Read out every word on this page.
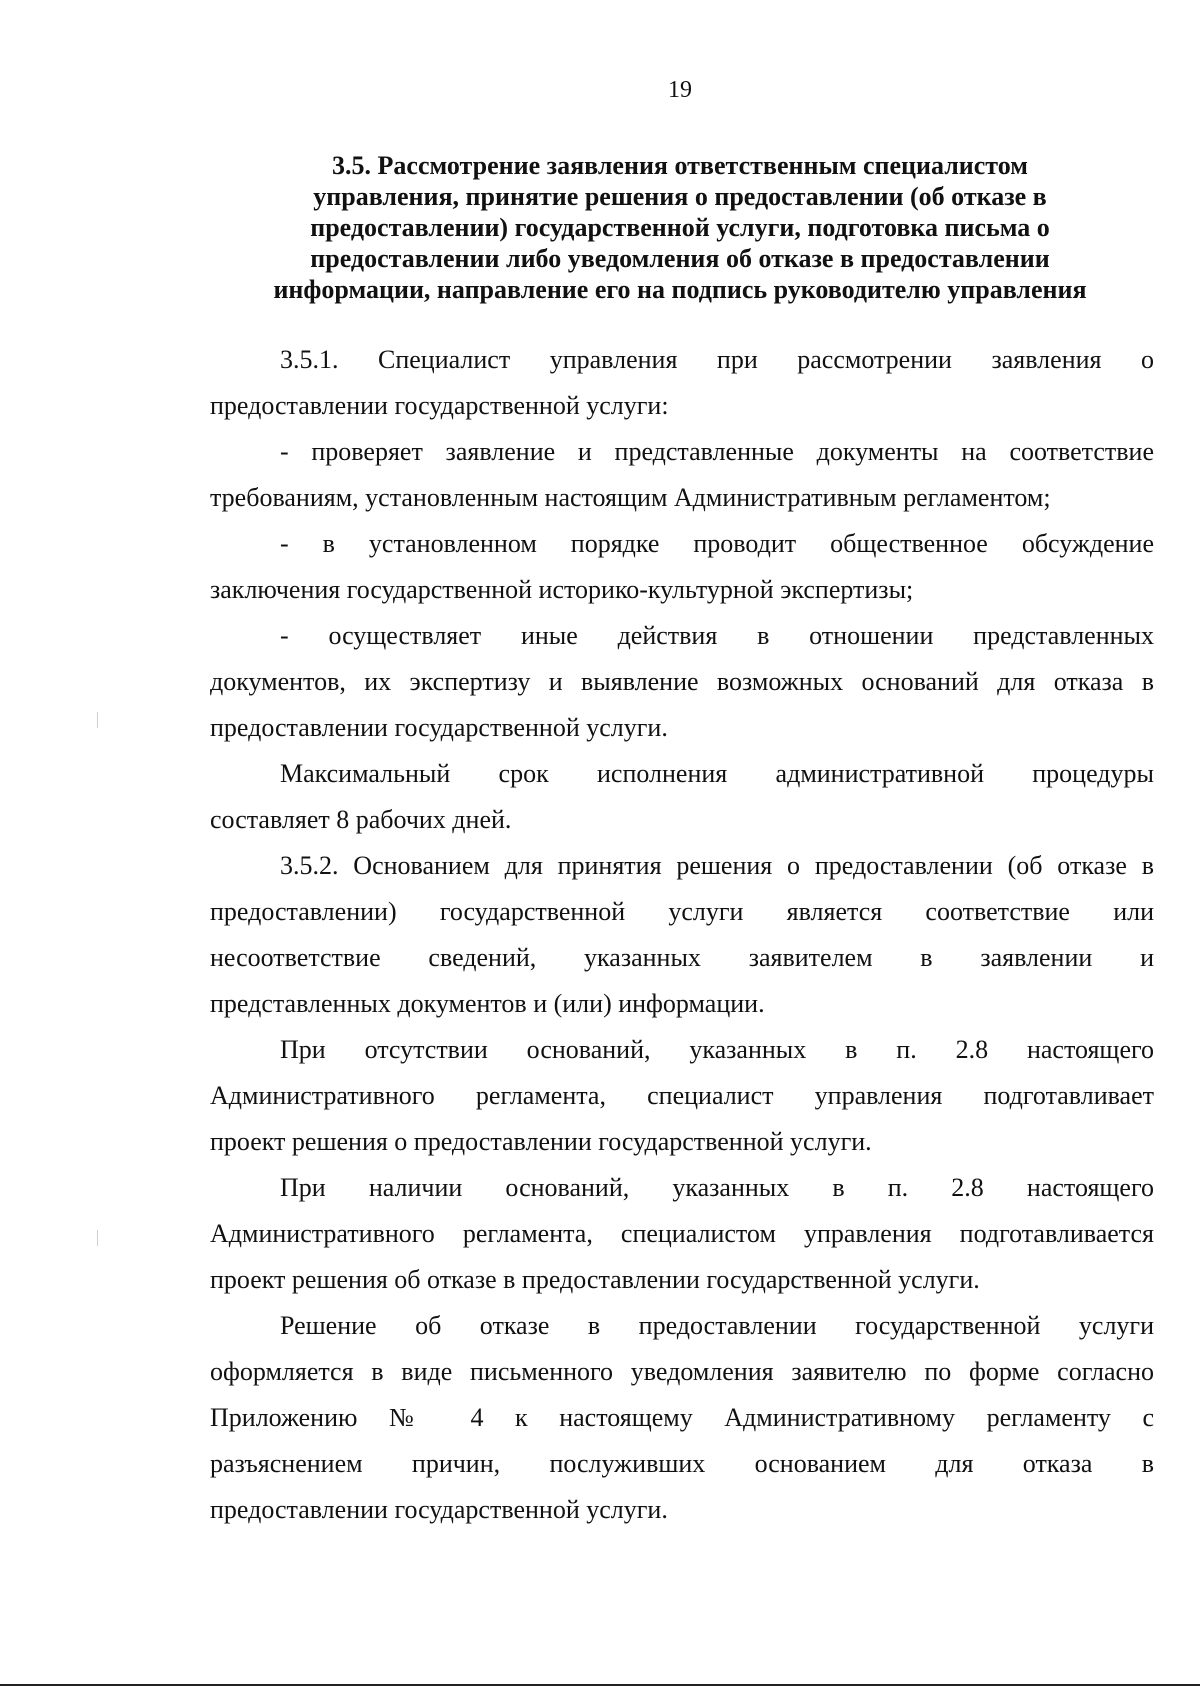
19
3.5. Рассмотрение заявления ответственным специалистом
управления, принятие решения о предоставлении (об отказе в
предоставлении) государственной услуги, подготовка письма о
предоставлении либо уведомления об отказе в предоставлении
информации, направление его на подпись руководителю управления

3.5.1. Специалист управления при рассмотрении заявления о
предоставлении государственной услуги:

- проверяет заявление и представленные документы на соответствие
требованиям, установленным настоящим Административным регламентом;

- в установленном порядке проводит общественное обсуждение
заключения государственной историко-культурной экспертизы;

- осуществляет иные действия в отношении представленных
документов, их экспертизу и выявление возможных оснований для отказа в
предоставлении государственной услуги.

Максимальный срок исполнения административной процедуры
составляет 8 рабочих дней.

3.5.2. Основанием для принятия решения о предоставлении (об отказе в
предоставлении) государственной услуги является соответствие или
несоответствие сведений, указанных заявителем в заявлении и
представленных документов и (или) информации.

При отсутствии оснований, указанных в п. 2.8 настоящего
Административного регламента, специалист управления подготавливает
проект решения о предоставлении государственной услуги.

При наличии оснований, указанных в п. 2.8 настоящего
Административного регламента, специалистом управления подготавливается
проект решения об отказе в предоставлении государственной услуги.

Решение об отказе в предоставлении государственной услуги
оформляется в виде письменного уведомления заявителю по форме согласно
Приложению № 4 к настоящему Административному регламенту с
разъяснением причин, послуживших основанием для отказа в
предоставлении государственной услуги.
